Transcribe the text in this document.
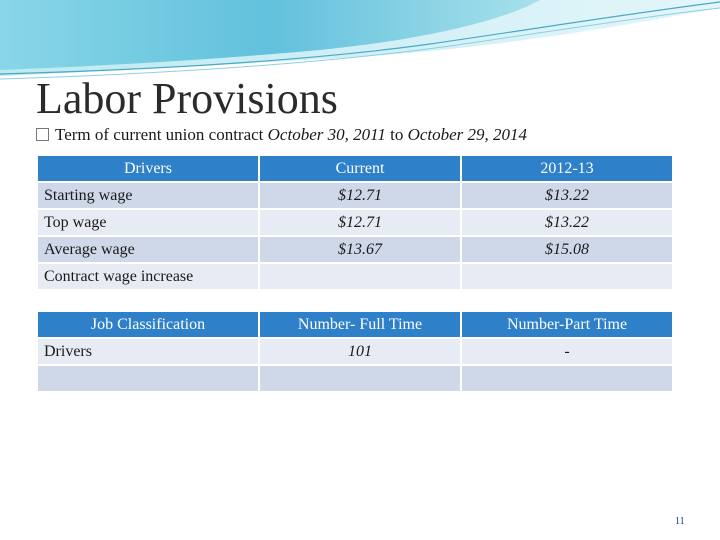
Labor Provisions
Term of current union contract October 30, 2011 to October 29, 2014
Drivers	Current	2012-13
Starting wage	$12.71	$13.22
Top wage	$12.71	$13.22
Average wage	$13.67	$15.08
Contract wage increase		
Job Classification	Number- Full Time	Number-Part Time
Drivers	101	-

11
